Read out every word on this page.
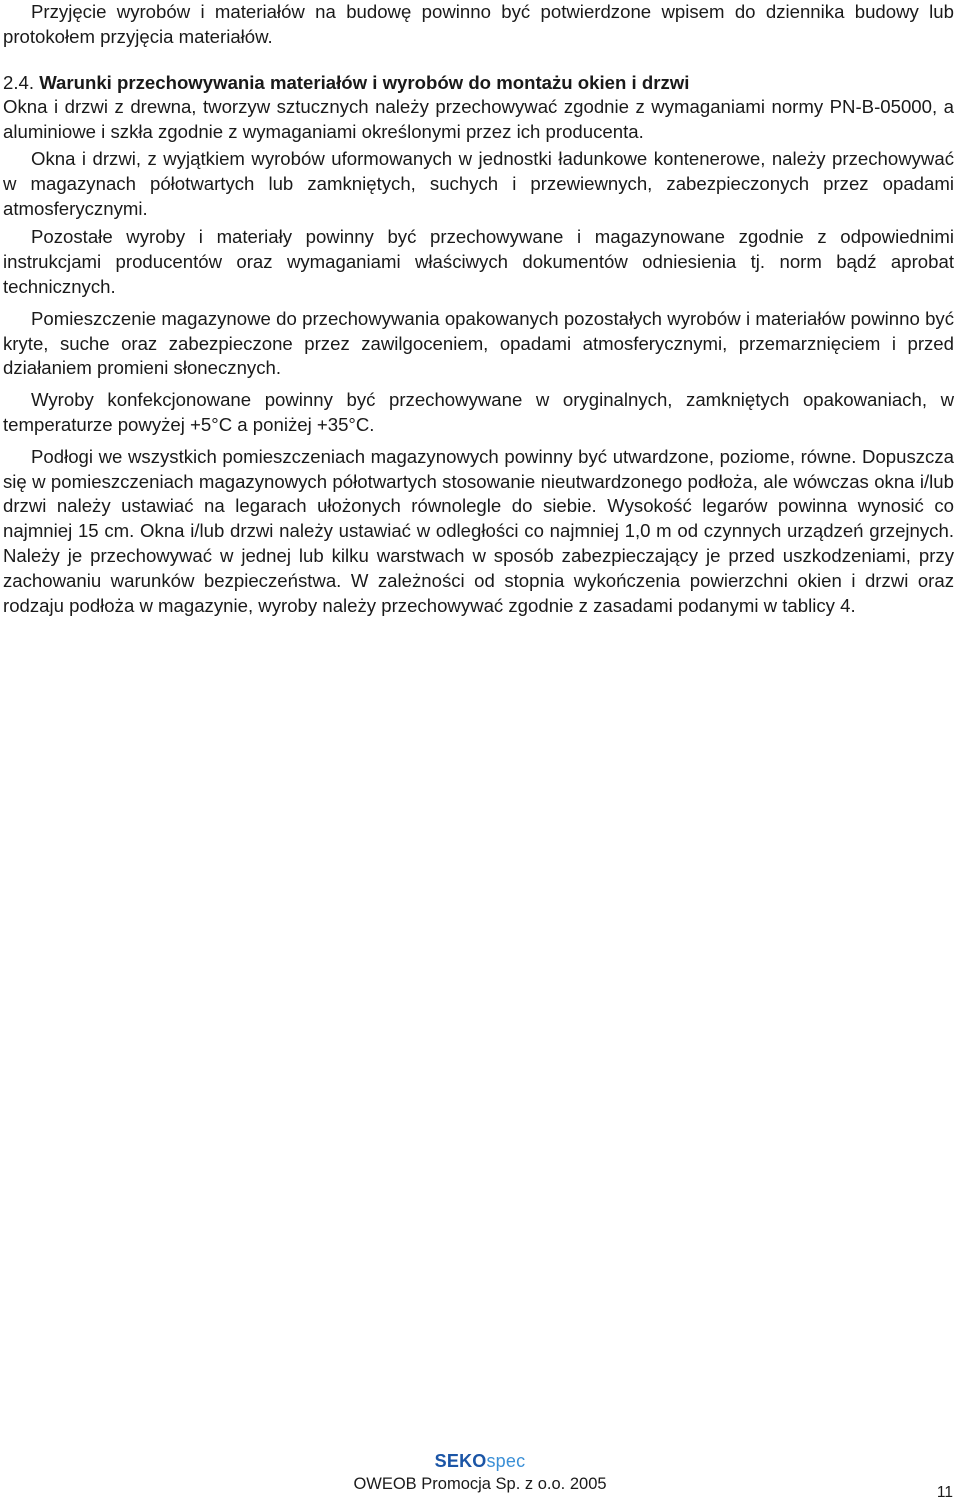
Przyjęcie wyrobów i materiałów na budowę powinno być potwierdzone wpisem do dziennika budowy lub protokołem przyjęcia materiałów.

2.4. Warunki przechowywania materiałów i wyrobów do montażu okien i drzwi

Okna i drzwi z drewna, tworzyw sztucznych należy przechowywać zgodnie z wymaganiami normy PN-B-05000, a aluminiowe i szkła zgodnie z wymaganiami określonymi przez ich producenta.

Okna i drzwi, z wyjątkiem wyrobów uformowanych w jednostki ładunkowe kontenerowe, należy przechowywać w magazynach półotwartych lub zamkniętych, suchych i przewiewnych, zabezpieczonych przez opadami atmosferycznymi.

Pozostałe wyroby i materiały powinny być przechowywane i magazynowane zgodnie z odpowiednimi instrukcjami producentów oraz wymaganiami właściwych dokumentów odniesienia tj. norm bądź aprobat technicznych.

Pomieszczenie magazynowe do przechowywania opakowanych pozostałych wyrobów i materiałów powinno być kryte, suche oraz zabezpieczone przez zawilgoceniem, opadami atmosferycznymi, przemarznięciem i przed działaniem promieni słonecznych.

Wyroby konfekcjonowane powinny być przechowywane w oryginalnych, zamkniętych opakowaniach, w temperaturze powyżej +5°C a poniżej +35°C.

Podłogi we wszystkich pomieszczeniach magazynowych powinny być utwardzone, poziome, równe. Dopuszcza się w pomieszczeniach magazynowych półotwartych stosowanie nieutwardzonego podłoża, ale wówczas okna i/lub drzwi należy ustawiać na legarach ułożonych równolegle do siebie. Wysokość legarów powinna wynosić co najmniej 15 cm. Okna i/lub drzwi należy ustawiać w odległości co najmniej 1,0 m od czynnych urządzeń grzejnych. Należy je przechowywać w jednej lub kilku warstwach w sposób zabezpieczający je przed uszkodzeniami, przy zachowaniu warunków bezpieczeństwa. W zależności od stopnia wykończenia powierzchni okien i drzwi oraz rodzaju podłoża w magazynie, wyroby należy przechowywać zgodnie z zasadami podanymi w tablicy 4.

SEKOspec
OWEOB Promocja Sp. z o.o. 2005	11
